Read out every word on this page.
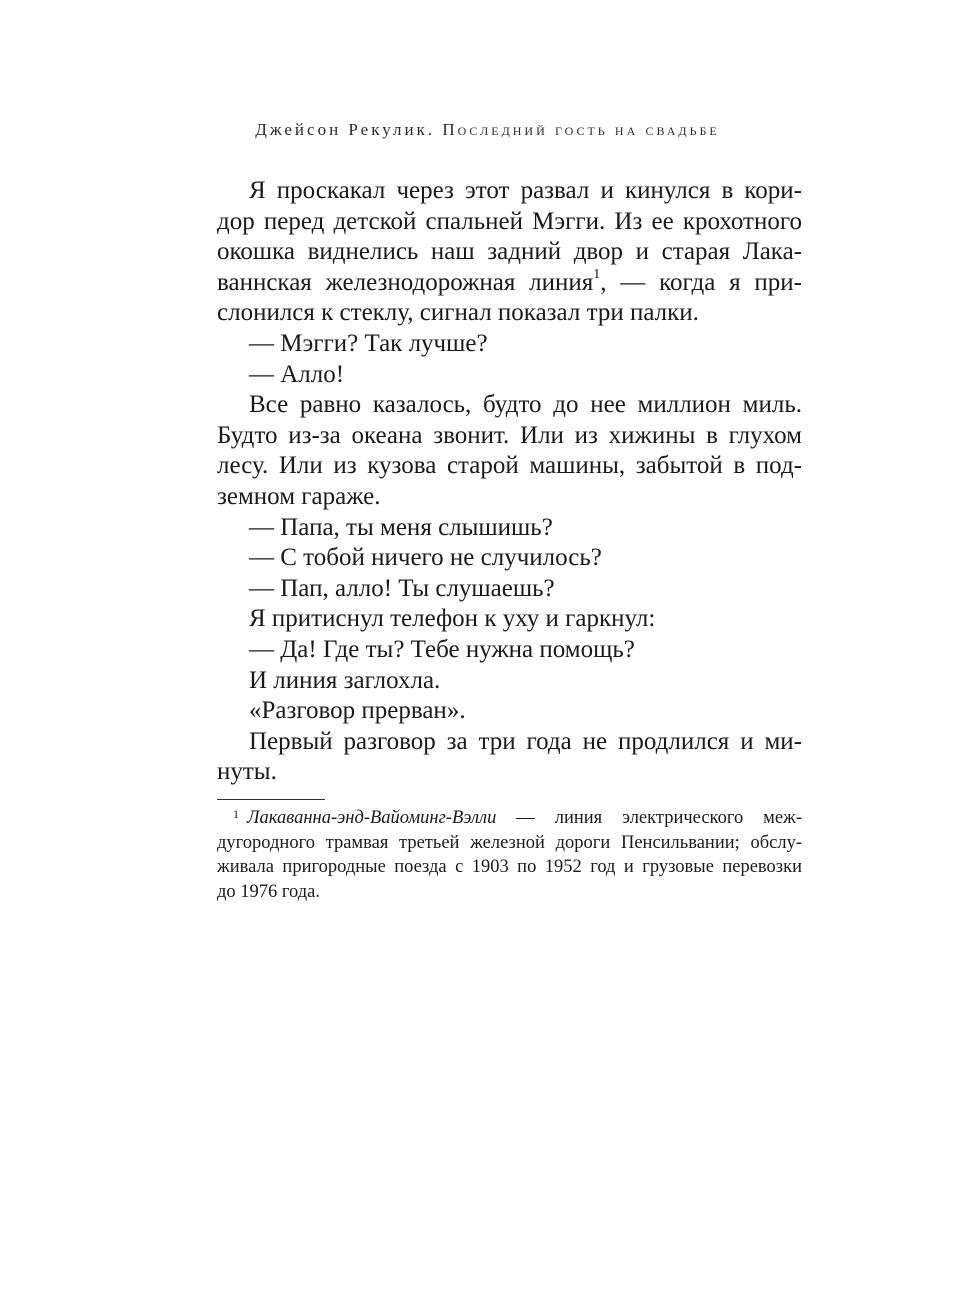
Джейсон Рекулик. Последний гость на свадьбе
Я проскакал через этот развал и кинулся в кори-
дор перед детской спальней Мэгги. Из ее крохотного
окошка виднелись наш задний двор и старая Лака-
ваннская железнодорожная линия$^1$, — когда я при-
слонился к стеклу, сигнал показал три палки.
— Мэгги? Так лучше?
— Алло!
Все равно казалось, будто до нее миллион миль.
Будто из-за океана звонит. Или из хижины в глухом
лесу. Или из кузова старой машины, забытой в под-
земном гараже.
— Папа, ты меня слышишь?
— С тобой ничего не случилось?
— Пап, алло! Ты слушаешь?
Я притиснул телефон к уху и гаркнул:
— Да! Где ты? Тебе нужна помощь?
И линия заглохла.
«Разговор прерван».
Первый разговор за три года не продлился и ми-
нуты.
$^1$ Лакаванна-энд-Вайоминг-Вэлли — линия электрического меж-
дугородного трамвая третьей железной дороги Пенсильвании; обслу-
живала пригородные поезда с 1903 по 1952 год и грузовые перевозки
до 1976 года.
